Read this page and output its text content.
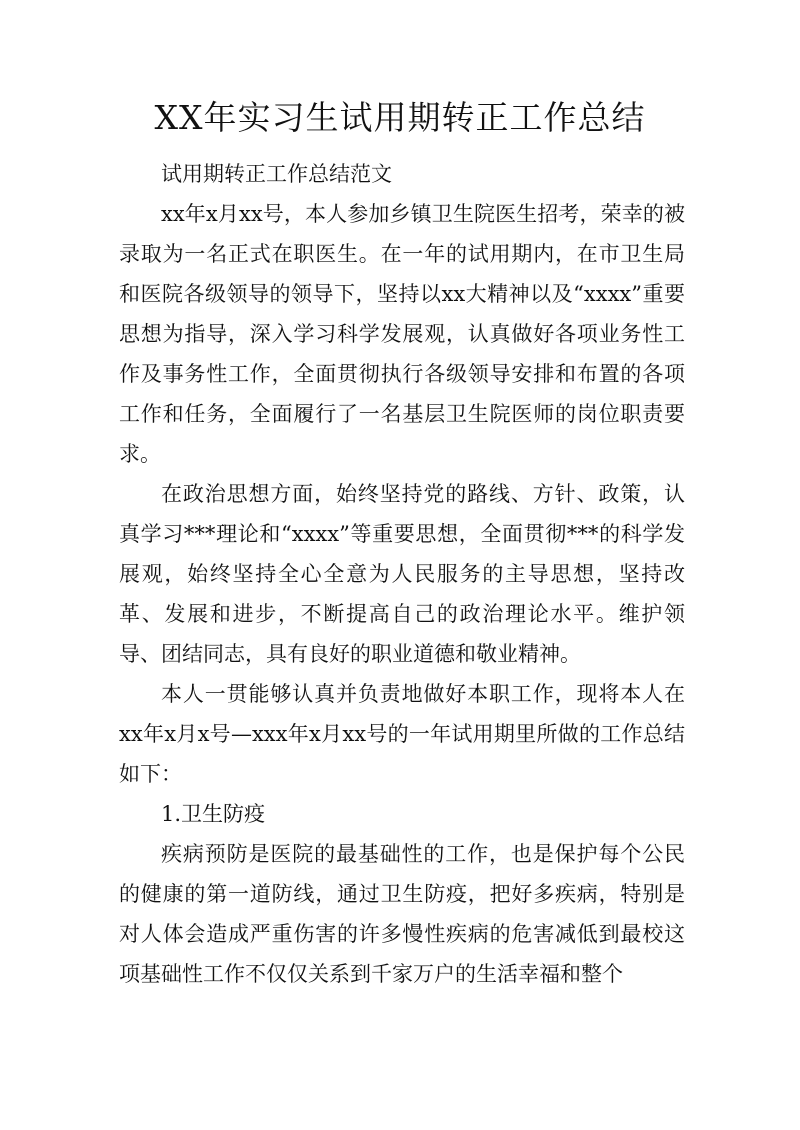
XX年实习生试用期转正工作总结

试用期转正工作总结范文

xx年x月xx号，本人参加乡镇卫生院医生招考，荣幸的被录取为一名正式在职医生。在一年的试用期内，在市卫生局和医院各级领导的领导下，坚持以xx大精神以及“xxxx”重要思想为指导，深入学习科学发展观，认真做好各项业务性工作及事务性工作，全面贯彻执行各级领导安排和布置的各项工作和任务，全面履行了一名基层卫生院医师的岗位职责要求。

在政治思想方面，始终坚持党的路线、方针、政策，认真学习***理论和“xxxx”等重要思想，全面贯彻***的科学发展观，始终坚持全心全意为人民服务的主导思想，坚持改革、发展和进步，不断提高自己的政治理论水平。维护领导、团结同志，具有良好的职业道德和敬业精神。

本人一贯能够认真并负责地做好本职工作，现将本人在xx年x月x号—xxx年x月xx号的一年试用期里所做的工作总结如下：

1.卫生防疫

疾病预防是医院的最基础性的工作，也是保护每个公民的健康的第一道防线，通过卫生防疫，把好多疾病，特别是对人体会造成严重伤害的许多慢性疾病的危害减低到最校这项基础性工作不仅仅关系到千家万户的生活幸福和整个
